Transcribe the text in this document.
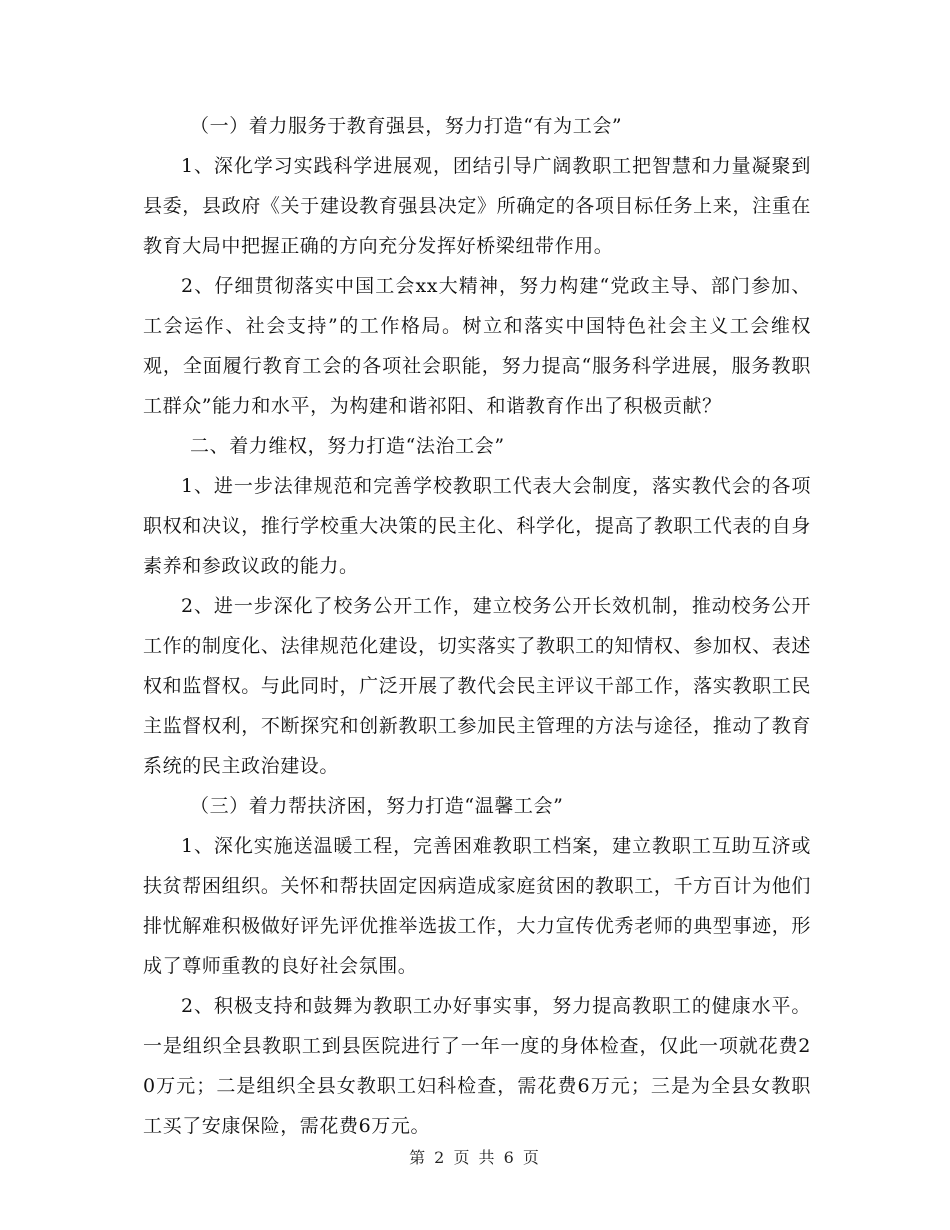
（一）着力服务于教育强县，努力打造“有为工会”

1、深化学习实践科学进展观，团结引导广阔教职工把智慧和力量凝聚到县委，县政府《关于建设教育强县决定》所确定的各项目标任务上来，注重在教育大局中把握正确的方向充分发挥好桥梁纽带作用。

2、仔细贯彻落实中国工会xx大精神，努力构建“党政主导、部门参加、工会运作、社会支持”的工作格局。树立和落实中国特色社会主义工会维权观，全面履行教育工会的各项社会职能，努力提高“服务科学进展，服务教职工群众”能力和水平，为构建和谐祁阳、和谐教育作出了积极贡献？

二、着力维权，努力打造“法治工会”

1、进一步法律规范和完善学校教职工代表大会制度，落实教代会的各项职权和决议，推行学校重大决策的民主化、科学化，提高了教职工代表的自身素养和参政议政的能力。

2、进一步深化了校务公开工作，建立校务公开长效机制，推动校务公开工作的制度化、法律规范化建设，切实落实了教职工的知情权、参加权、表述权和监督权。与此同时，广泛开展了教代会民主评议干部工作，落实教职工民主监督权利，不断探究和创新教职工参加民主管理的方法与途径，推动了教育系统的民主政治建设。

（三）着力帮扶济困，努力打造“温馨工会”

1、深化实施送温暖工程，完善困难教职工档案，建立教职工互助互济或扶贫帮困组织。关怀和帮扶固定因病造成家庭贫困的教职工，千方百计为他们排忧解难积极做好评先评优推举选拔工作，大力宣传优秀老师的典型事迹，形成了尊师重教的良好社会氛围。

2、积极支持和鼓舞为教职工办好事实事，努力提高教职工的健康水平。一是组织全县教职工到县医院进行了一年一度的身体检查，仅此一项就花费20万元；二是组织全县女教职工妇科检查，需花费6万元；三是为全县女教职工买了安康保险，需花费6万元。

第 2 页 共 6 页
